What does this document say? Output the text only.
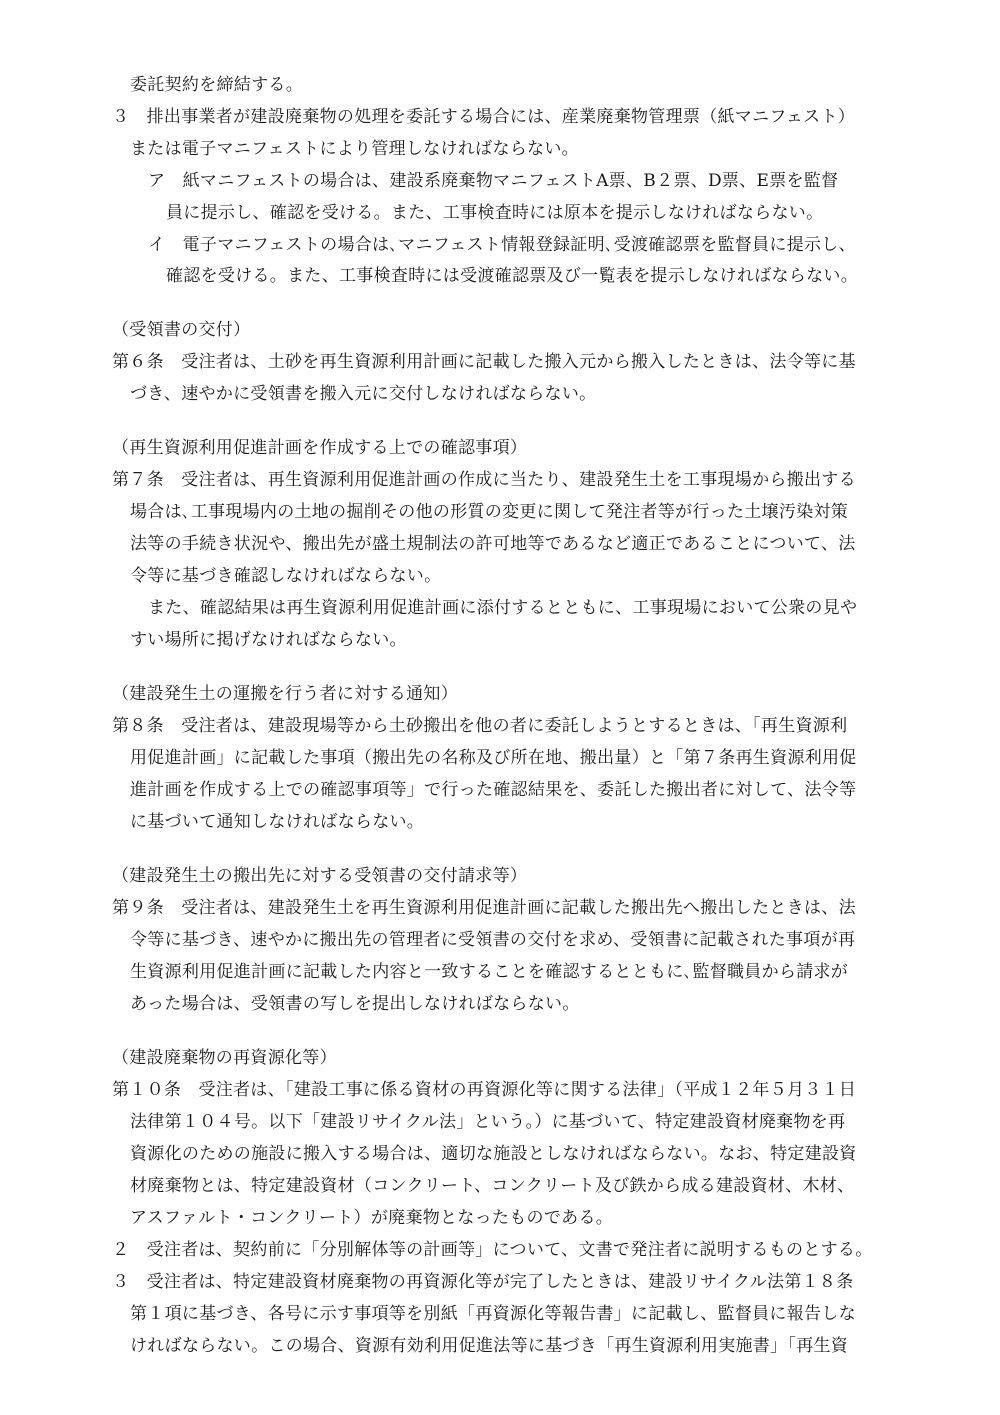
委託契約を締結する。
３　排出事業者が建設廃棄物の処理を委託する場合には、産業廃棄物管理票（紙マニフェスト）
または電子マニフェストにより管理しなければならない。
ア　紙マニフェストの場合は、建設系廃棄物マニフェストA票、B２票、D票、E票を監督
員に提示し、確認を受ける。また、工事検査時には原本を提示しなければならない。
イ　電子マニフェストの場合は､マニフェスト情報登録証明､受渡確認票を監督員に提示し、
確認を受ける。また、工事検査時には受渡確認票及び一覧表を提示しなければならない。
（受領書の交付）
第６条　受注者は、土砂を再生資源利用計画に記載した搬入元から搬入したときは、法令等に基
づき、速やかに受領書を搬入元に交付しなければならない。
（再生資源利用促進計画を作成する上での確認事項）
第７条　受注者は、再生資源利用促進計画の作成に当たり、建設発生土を工事現場から搬出する
場合は､工事現場内の土地の掘削その他の形質の変更に関して発注者等が行った土壌汚染対策
法等の手続き状況や、搬出先が盛土規制法の許可地等であるなど適正であることについて、法
令等に基づき確認しなければならない。
また、確認結果は再生資源利用促進計画に添付するとともに、工事現場において公衆の見や
すい場所に掲げなければならない。
（建設発生土の運搬を行う者に対する通知）
第８条　受注者は、建設現場等から土砂搬出を他の者に委託しようとするときは、「再生資源利
用促進計画」に記載した事項（搬出先の名称及び所在地、搬出量）と「第７条再生資源利用促
進計画を作成する上での確認事項等」で行った確認結果を、委託した搬出者に対して、法令等
に基づいて通知しなければならない。
（建設発生土の搬出先に対する受領書の交付請求等）
第９条　受注者は、建設発生土を再生資源利用促進計画に記載した搬出先へ搬出したときは、法
令等に基づき、速やかに搬出先の管理者に受領書の交付を求め、受領書に記載された事項が再
生資源利用促進計画に記載した内容と一致することを確認するとともに､監督職員から請求が
あった場合は、受領書の写しを提出しなければならない。
（建設廃棄物の再資源化等）
第１０条　受注者は、「建設工事に係る資材の再資源化等に関する法律」（平成１２年５月３１日
法律第１０４号。以下「建設リサイクル法」という。）に基づいて、特定建設資材廃棄物を再
資源化のための施設に搬入する場合は、適切な施設としなければならない。なお、特定建設資
材廃棄物とは、特定建設資材（コンクリート、コンクリート及び鉄から成る建設資材、木材、
アスファルト・コンクリート）が廃棄物となったものである。
２　受注者は、契約前に「分別解体等の計画等」について、文書で発注者に説明するものとする。
３　受注者は、特定建設資材廃棄物の再資源化等が完了したときは、建設リサイクル法第１８条
第１項に基づき、各号に示す事項等を別紙「再資源化等報告書」に記載し、監督員に報告しな
ければならない。この場合、資源有効利用促進法等に基づき「再生資源利用実施書」「再生資
